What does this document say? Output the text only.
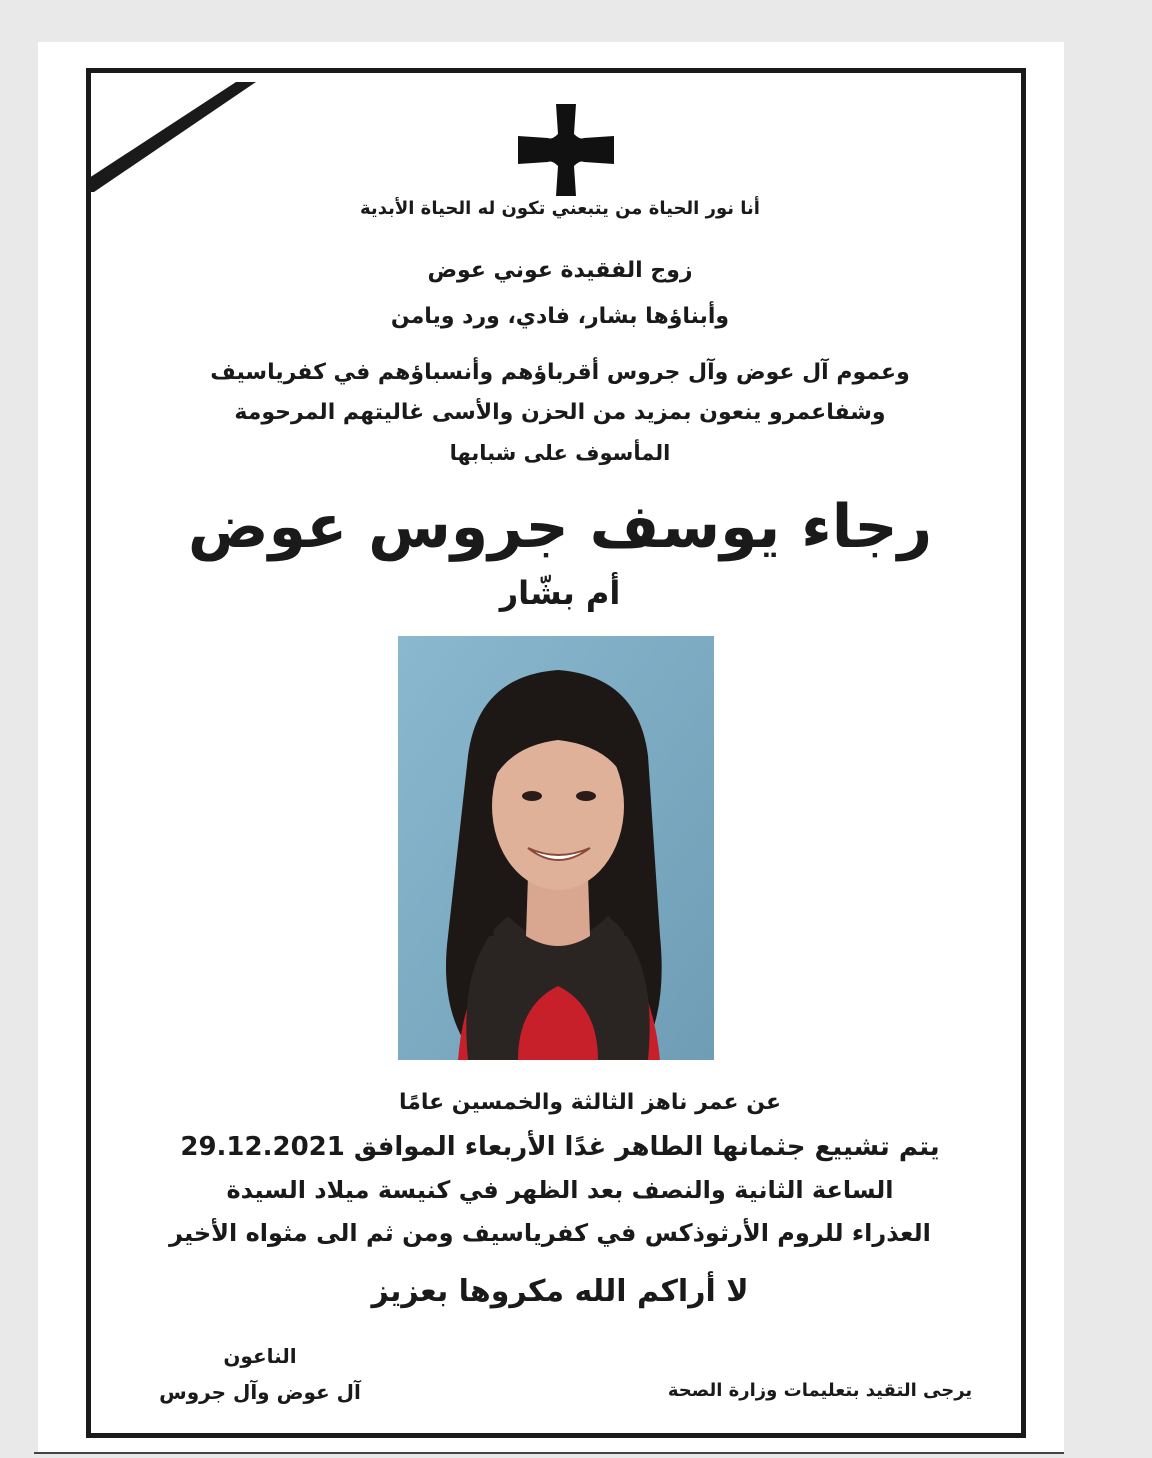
أنا نور الحياة من يتبعني تكون له الحياة الأبدية
زوج الفقيدة عوني عوض
وأبناؤها بشار، فادي، ورد ويامن
وعموم آل عوض وآل جروس أقرباؤهم وأنسباؤهم في كفرياسيف
وشفاعمرو ينعون بمزيد من الحزن والأسى غاليتهم المرحومة
المأسوف على شبابها
رجاء يوسف جروس عوض
أم بشّار
عن عمر ناهز الثالثة والخمسين عامًا
يتم تشييع جثمانها الطاهر غدًا الأربعاء الموافق 29.12.2021
الساعة الثانية والنصف بعد الظهر في كنيسة ميلاد السيدة
العذراء للروم الأرثوذكس في كفرياسيف ومن ثم الى مثواه الأخير
لا أراكم الله مكروها بعزيز
الناعون
آل عوض وآل جروس	يرجى التقيد بتعليمات وزارة الصحة
